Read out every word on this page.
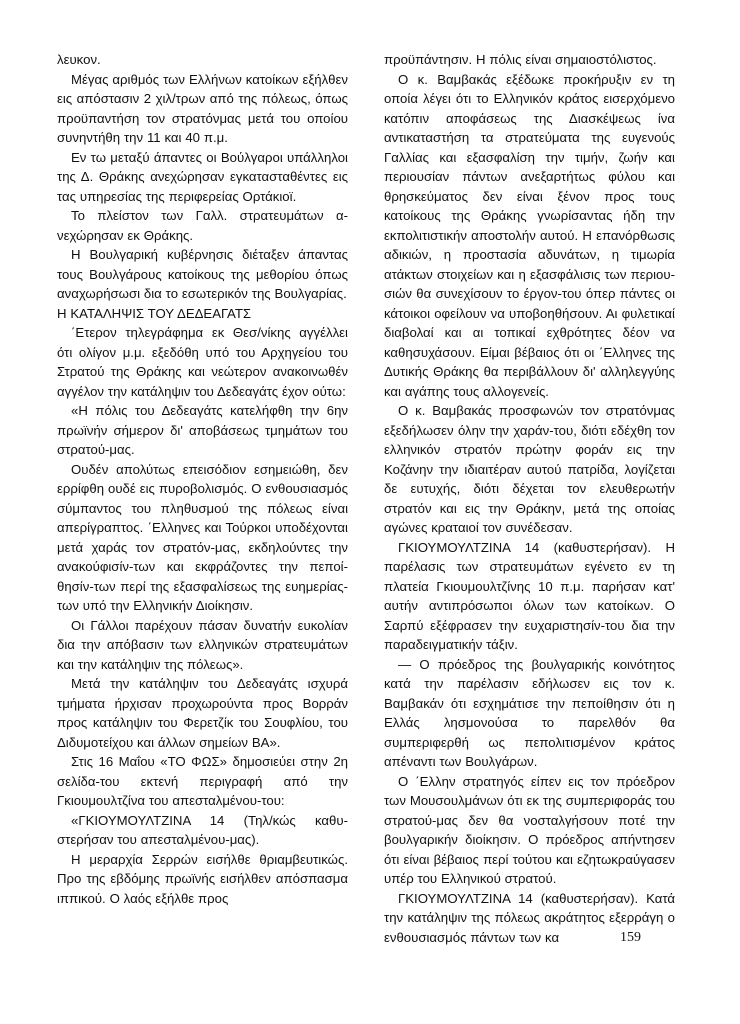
λευκον.

Μέγας αριθμός των Ελλήνων κατοίκων εξήλθεν εις απόστασιν 2 χιλ/τρων από της πόλεως, όπως προϋπαντήση τον στρατόνμας μετά του οποίου συνηντήθη την 11 και 40 π.μ.

Εν τω μεταξύ άπαντες οι Βούλγαροι υπάλληλοι της Δ. Θράκης ανεχώρησαν εγκατασταθέντες εις τας υπηρεσίας της περιφερείας Ορτάκιοϊ.

Το πλείστον των Γαλλ. στρατευμάτων ανεχώρησαν εκ Θράκης.

Η Βουλγαρική κυβέρνησις διέταξεν άπαντας τους Βουλγάρους κατοίκους της μεθορίου όπως αναχωρήσωσι δια το εσωτερικόν της Βουλγαρίας.

Η ΚΑΤΑΛΗΨΙΣ ΤΟΥ ΔΕΔΕΑΓΑΤΣ

΄Ετερον τηλεγράφημα εκ Θεσ/νίκης αγγέλλει ότι ολίγον μ.μ. εξεδόθη υπό του Αρχηγείου του Στρατού της Θράκης και νεώτερον ανακοινωθέν αγγέλον την κατάληψιν του Δεδεαγάτς έχον ούτω:

«Η πόλις του Δεδεαγάτς κατελήφθη την 6ην πρωϊνήν σήμερον δι' αποβάσεως τμημάτων του στρατού-μας.

Ουδέν απολύτως επεισόδιον εσημειώθη, δεν ερρίφθη ουδέ εις πυροβολισμός. Ο ενθουσιασμός σύμπαντος του πληθυσμού της πόλεως είναι απερίγραπτος. ΄Ελληνες και Τούρκοι υποδέχονται μετά χαράς τον στρατόν-μας, εκδηλούντες την ανακούφισίν-των και εκφράζοντες την πεποίθησίν-των περί της εξασφαλίσεως της ευημερίας-των υπό την Ελληνικήν Διοίκησιν.

Οι Γάλλοι παρέχουν πάσαν δυνατήν ευκολίαν δια την απόβασιν των ελληνικών στρατευμάτων και την κατάληψιν της πόλεως».

Μετά την κατάληψιν του Δεδεαγάτς ισχυρά τμήματα ήρχισαν προχωρούντα προς Βορράν προς κατάληψιν του Φερετζίκ του Σουφλίου, του Διδυμοτείχου και άλλων σημείων ΒΑ».

Στις 16 Μαΐου «ΤΟ ΦΩΣ» δημοσιεύει στην 2η σελίδα-του εκτενή περιγραφή από την Γκιουμουλτζίνα του απεσταλμένου-του:

«ΓΚΙΟΥΜΟΥΛΤΖΙΝΑ 14 (Τηλ/κώς καθυστερήσαν του απεσταλμένου-μας).

Η μεραρχία Σερρών εισήλθε θριαμβευτικώς. Προ της εβδόμης πρωϊνής εισήλθεν απόσπασμα ιππικού. Ο λαός εξήλθε προς

προϋπάντησιν. Η πόλις είναι σημαιοστόλιστος.

Ο κ. Βαμβακάς εξέδωκε προκήρυξιν εν τη οποία λέγει ότι το Ελληνικόν κράτος εισερχόμενο κατόπιν αποφάσεως της Διασκέψεως ίνα αντικαταστήση τα στρατεύματα της ευγενούς Γαλλίας και εξασφαλίση την τιμήν, ζωήν και περιουσίαν πάντων ανεξαρτήτως φύλου και θρησκεύματος δεν είναι ξένον προς τους κατοίκους της Θράκης γνωρίσαντας ήδη την εκπολιτιστικήν αποστολήν αυτού. Η επανόρθωσις αδικιών, η προστασία αδυνάτων, η τιμωρία ατάκτων στοιχείων και η εξασφάλισις των περιουσιών θα συνεχίσουν το έργον-του όπερ πάντες οι κάτοικοι οφείλουν να υποβοηθήσουν. Αι φυλετικαί διαβολαί και αι τοπικαί εχθρότητες δέον να καθησυχάσουν. Είμαι βέβαιος ότι οι ΄Ελληνες της Δυτικής Θράκης θα περιβάλλουν δι' αλληλεγγύης και αγάπης τους αλλογενείς.

Ο κ. Βαμβακάς προσφωνών τον στρατόνμας εξεδήλωσεν όλην την χαράν-του, διότι εδέχθη τον ελληνικόν στρατόν πρώτην φοράν εις την Κοζάνην την ιδιαιτέραν αυτού πατρίδα, λογίζεται δε ευτυχής, διότι δέχεται τον ελευθερωτήν στρατόν και εις την Θράκην, μετά της οποίας αγώνες κραταιοί τον συνέδεσαν.

ΓΚΙΟΥΜΟΥΛΤΖΙΝΑ 14 (καθυστερήσαν). Η παρέλασις των στρατευμάτων εγένετο εν τη πλατεία Γκιουμουλτζίνης 10 π.μ. παρήσαν κατ' αυτήν αντιπρόσωποι όλων των κατοίκων. Ο Σαρπύ εξέφρασεν την ευχαριστησίν-του δια την παραδειγματικήν τάξιν.

— Ο πρόεδρος της βουλγαρικής κοινότητος κατά την παρέλασιν εδήλωσεν εις τον κ. Βαμβακάν ότι εσχημάτισε την πεποίθησιν ότι η Ελλάς λησμονούσα το παρελθόν θα συμπεριφερθή ως πεπολιτισμένον κράτος απέναντι των Βουλγάρων.

Ο ΄Ελλην στρατηγός είπεν εις τον πρόεδρον των Μουσουλμάνων ότι εκ της συμπεριφοράς του στρατού-μας δεν θα νοσταλγήσουν ποτέ την βουλγαρικήν διοίκησιν. Ο πρόεδρος απήντησεν ότι είναι βέβαιος περί τούτου και εζητωκραύγασεν υπέρ του Ελληνικού στρατού.

ΓΚΙΟΥΜΟΥΛΤΖΙΝΑ 14 (καθυστερήσαν). Κατά την κατάληψιν της πόλεως ακράτητος εξερράγη ο ενθουσιασμός πάντων των κα	159
